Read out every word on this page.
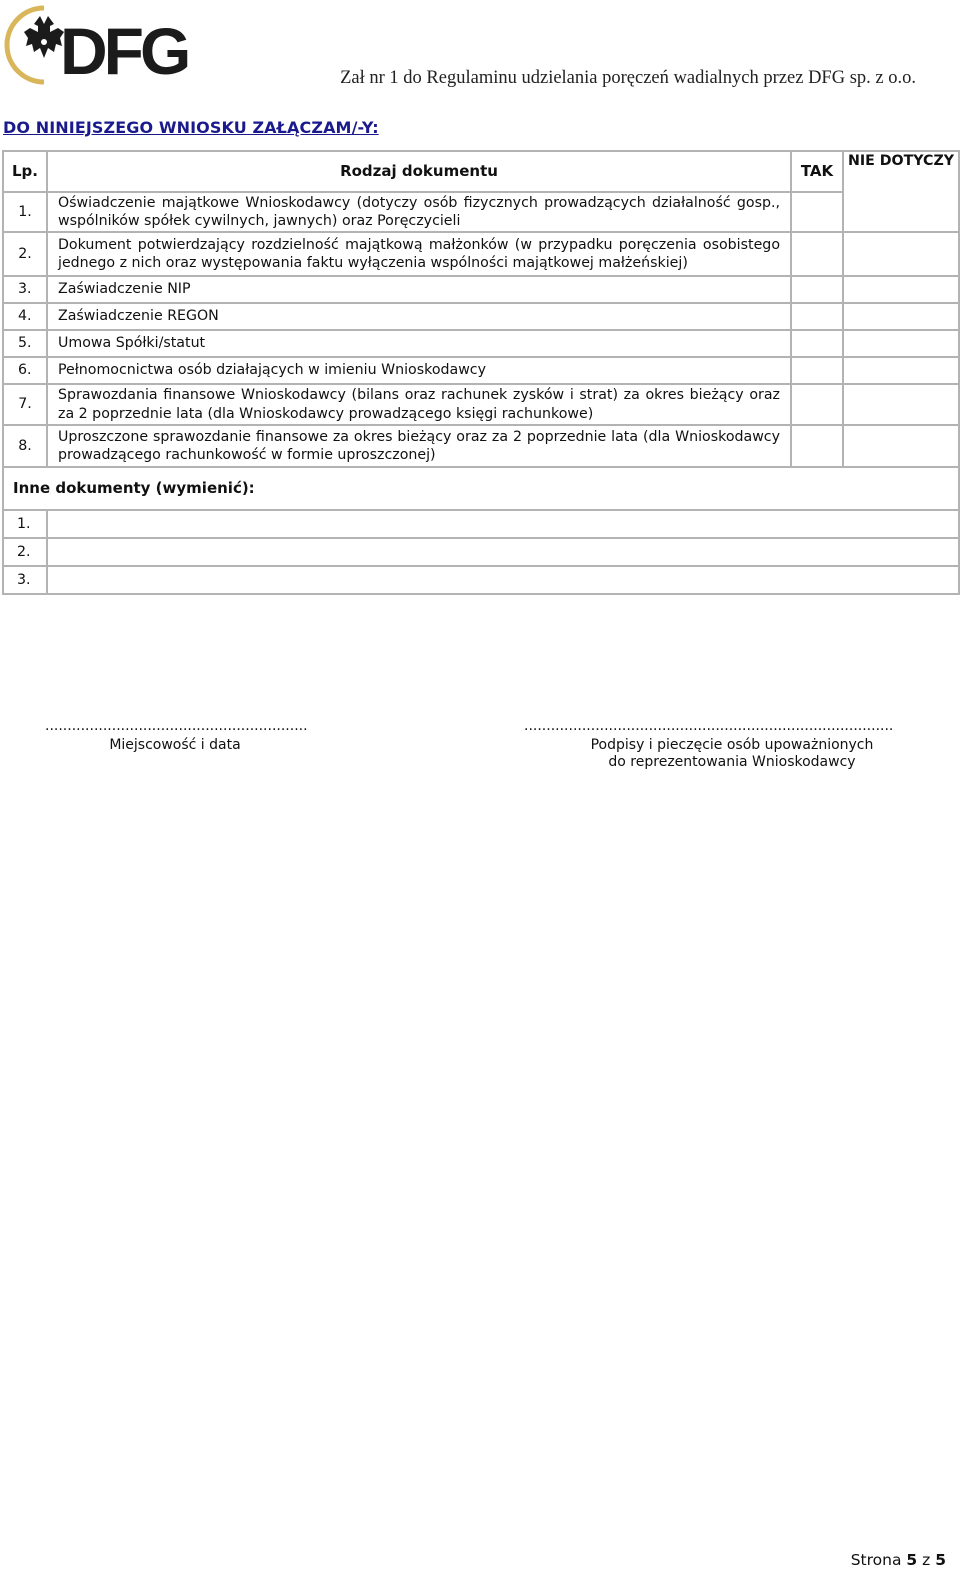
DFG	Zał nr 1 do Regulaminu udzielania poręczeń wadialnych przez DFG sp. z o.o.
DO NINIEJSZEGO WNIOSKU ZAŁĄCZAM/-Y:
Lp.	Rodzaj dokumentu	TAK	NIE DOTYCZY
1.	Oświadczenie majątkowe Wnioskodawcy (dotyczy osób fizycznych prowadzących działalność gosp., wspólników spółek cywilnych, jawnych) oraz Poręczycieli		
2.	Dokument potwierdzający rozdzielność majątkową małżonków (w przypadku poręczenia osobistego jednego z nich oraz występowania faktu wyłączenia wspólności majątkowej małżeńskiej)		
3.	Zaświadczenie NIP		
4.	Zaświadczenie REGON		
5.	Umowa Spółki/statut		
6.	Pełnomocnictwa osób działających w imieniu Wnioskodawcy		
7.	Sprawozdania finansowe Wnioskodawcy (bilans oraz rachunek zysków i strat) za okres bieżący oraz za 2 poprzednie lata (dla Wnioskodawcy prowadzącego księgi rachunkowe)		
8.	Uproszczone sprawozdanie finansowe za okres bieżący oraz za 2 poprzednie lata (dla Wnioskodawcy prowadzącego rachunkowość w formie uproszczonej)		
Inne dokumenty (wymienić):			
1.			
2.			
3.			
...........................................................
Miejscowość i data
...................................................................................
Podpisy i pieczęcie osób upoważnionych
do reprezentowania Wnioskodawcy
Strona 5 z 5
